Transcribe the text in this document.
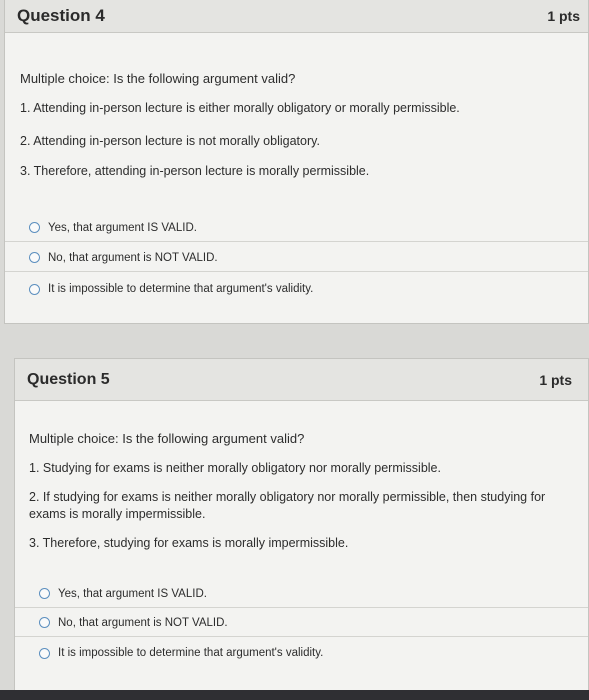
Question 4	1 pts
Multiple choice: Is the following argument valid?
1. Attending in-person lecture is either morally obligatory or morally permissible.
2. Attending in-person lecture is not morally obligatory.
3. Therefore, attending in-person lecture is morally permissible.
Yes, that argument IS VALID.
No, that argument is NOT VALID.
It is impossible to determine that argument's validity.
Question 5	1 pts
Multiple choice: Is the following argument valid?
1. Studying for exams is neither morally obligatory nor morally permissible.
2. If studying for exams is neither morally obligatory nor morally permissible, then studying for exams is morally impermissible.
3. Therefore, studying for exams is morally impermissible.
Yes, that argument IS VALID.
No, that argument is NOT VALID.
It is impossible to determine that argument's validity.
